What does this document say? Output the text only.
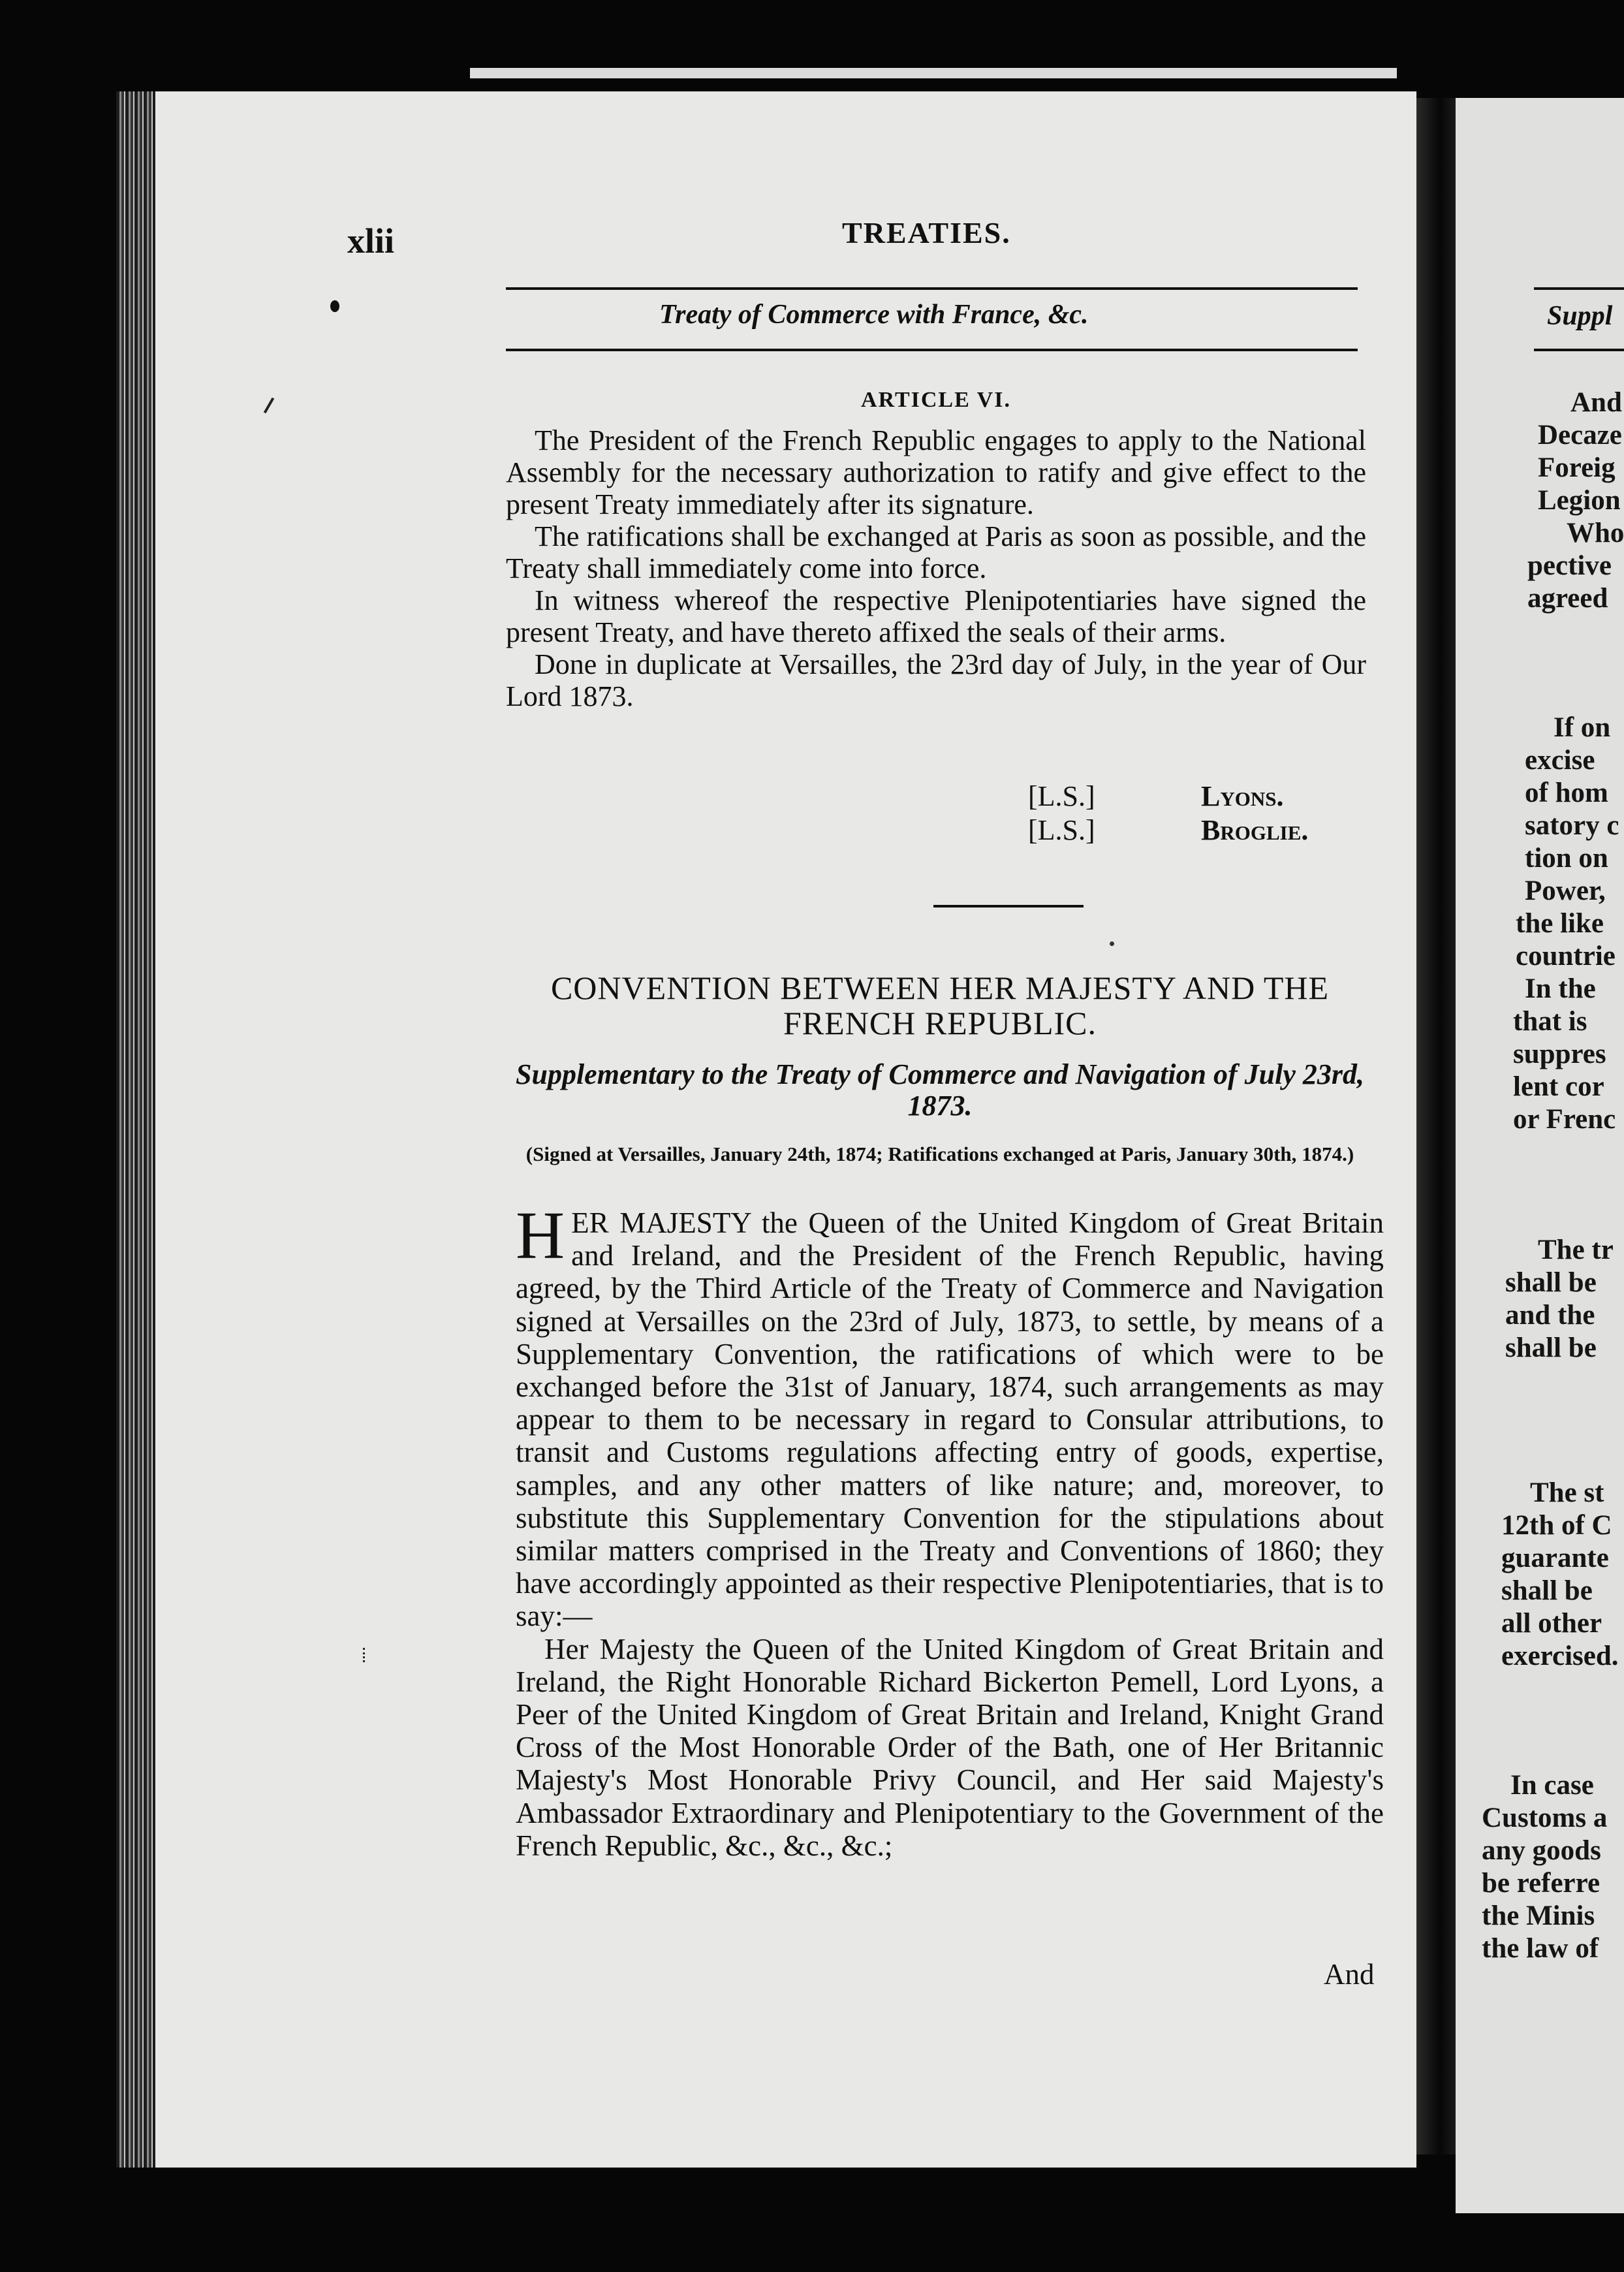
xlii	TREATIES.
Treaty of Commerce with France, &c.
ARTICLE VI.

The President of the French Republic engages to apply to the National Assembly for the necessary authorization to ratify and give effect to the present Treaty immediately after its signature.

The ratifications shall be exchanged at Paris as soon as possible, and the Treaty shall immediately come into force.

In witness whereof the respective Plenipotentiaries have signed the present Treaty, and have thereto affixed the seals of their arms.

Done in duplicate at Versailles, the 23rd day of July, in the year of Our Lord 1873.

[L.S.]	Lyons.
[L.S.]	Broglie.
CONVENTION BETWEEN HER MAJESTY AND THE FRENCH REPUBLIC.
Supplementary to the Treaty of Commerce and Navigation of July 23rd, 1873.
(Signed at Versailles, January 24th, 1874; Ratifications exchanged at Paris, January 30th, 1874.)

HER MAJESTY the Queen of the United Kingdom of Great Britain and Ireland, and the President of the French Republic, having agreed, by the Third Article of the Treaty of Commerce and Navigation signed at Versailles on the 23rd of July, 1873, to settle, by means of a Supplementary Convention, the ratifications of which were to be exchanged before the 31st of January, 1874, such arrangements as may appear to them to be necessary in regard to Consular attributions, to transit and Customs regulations affecting entry of goods, expertise, samples, and any other matters of like nature; and, moreover, to substitute this Supplementary Convention for the stipulations about similar matters comprised in the Treaty and Conventions of 1860; they have accordingly appointed as their respective Plenipotentiaries, that is to say:—

Her Majesty the Queen of the United Kingdom of Great Britain and Ireland, the Right Honorable Richard Bickerton Pemell, Lord Lyons, a Peer of the United Kingdom of Great Britain and Ireland, Knight Grand Cross of the Most Honorable Order of the Bath, one of Her Britannic Majesty's Most Honorable Privy Council, and Her said Majesty's Ambassador Extraordinary and Plenipotentiary to the Government of the French Republic, &c., &c., &c.;

And
Suppl
And
Decaze
Foreig
Legion
Who
pective
agreed
If on
excise
of hom
satory c
tion on
Power,
the like
countrie
In the
that is
suppres
lent cor
or Frenc
The tr
shall be
and the
shall be
The st
12th of C
guarante
shall be
all other
exercised.
In case
Customs a
any goods
be referre
the Minis
the law of
